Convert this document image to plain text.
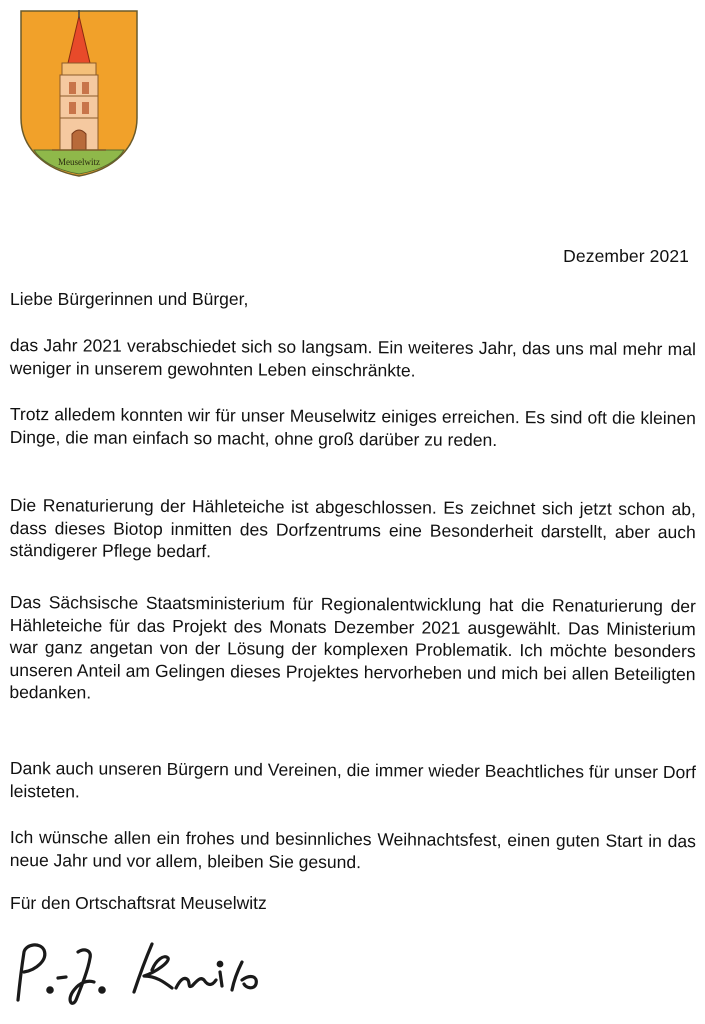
Meuselwitz
Dezember 2021
Liebe Bürgerinnen und Bürger,
das Jahr 2021 verabschiedet sich so langsam. Ein weiteres Jahr, das uns mal mehr mal weniger in unserem gewohnten Leben einschränkte.
Trotz alledem konnten wir für unser Meuselwitz einiges erreichen. Es sind oft die kleinen Dinge, die man einfach so macht, ohne groß darüber zu reden.
Die Renaturierung der Hähleteiche ist abgeschlossen. Es zeichnet sich jetzt schon ab, dass dieses Biotop inmitten des Dorfzentrums eine Besonderheit darstellt, aber auch ständigerer Pflege bedarf.
Das Sächsische Staatsministerium für Regionalentwicklung hat die Renaturierung der Hähleteiche für das Projekt des Monats Dezember 2021 ausgewählt. Das Ministerium war ganz angetan von der Lösung der komplexen Problematik. Ich möchte besonders unseren Anteil am Gelingen dieses Projektes hervorheben und mich bei allen Beteiligten bedanken.
Dank auch unseren Bürgern und Vereinen, die immer wieder Beachtliches für unser Dorf leisteten.
Ich wünsche allen ein frohes und besinnliches Weihnachtsfest, einen guten Start in das neue Jahr und vor allem, bleiben Sie gesund.
Für den Ortschaftsrat Meuselwitz
